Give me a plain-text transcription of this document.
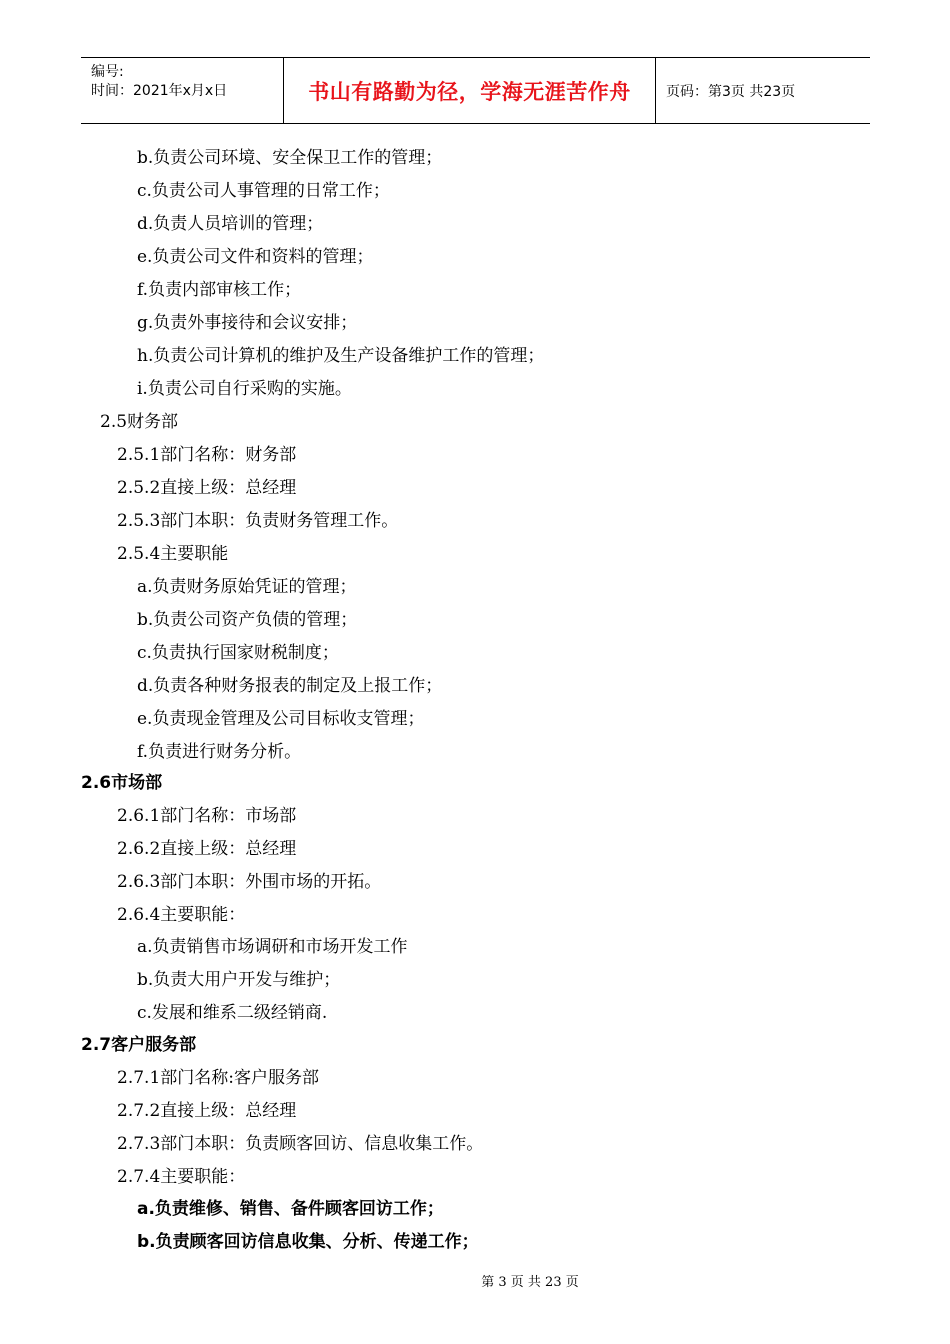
编号:
时间：2021年x月x日	书山有路勤为径，学海无涯苦作舟	页码：第3页 共23页
b.负责公司环境、安全保卫工作的管理；
c.负责公司人事管理的日常工作；
d.负责人员培训的管理；
e.负责公司文件和资料的管理；
f.负责内部审核工作；
g.负责外事接待和会议安排；
h.负责公司计算机的维护及生产设备维护工作的管理；
i.负责公司自行采购的实施。
2.5财务部
2.5.1部门名称：财务部
2.5.2直接上级：总经理
2.5.3部门本职：负责财务管理工作。
2.5.4主要职能
a.负责财务原始凭证的管理；
b.负责公司资产负债的管理；
c.负责执行国家财税制度；
d.负责各种财务报表的制定及上报工作；
e.负责现金管理及公司目标收支管理；
f.负责进行财务分析。
2.6市场部
2.6.1部门名称：市场部
2.6.2直接上级：总经理
2.6.3部门本职：外围市场的开拓。
2.6.4主要职能：
a.负责销售市场调研和市场开发工作
b.负责大用户开发与维护；
c.发展和维系二级经销商.
2.7客户服务部
2.7.1部门名称:客户服务部
2.7.2直接上级：总经理
2.7.3部门本职：负责顾客回访、信息收集工作。
2.7.4主要职能：
a.负责维修、销售、备件顾客回访工作；
b.负责顾客回访信息收集、分析、传递工作；
第 3 页 共 23 页
